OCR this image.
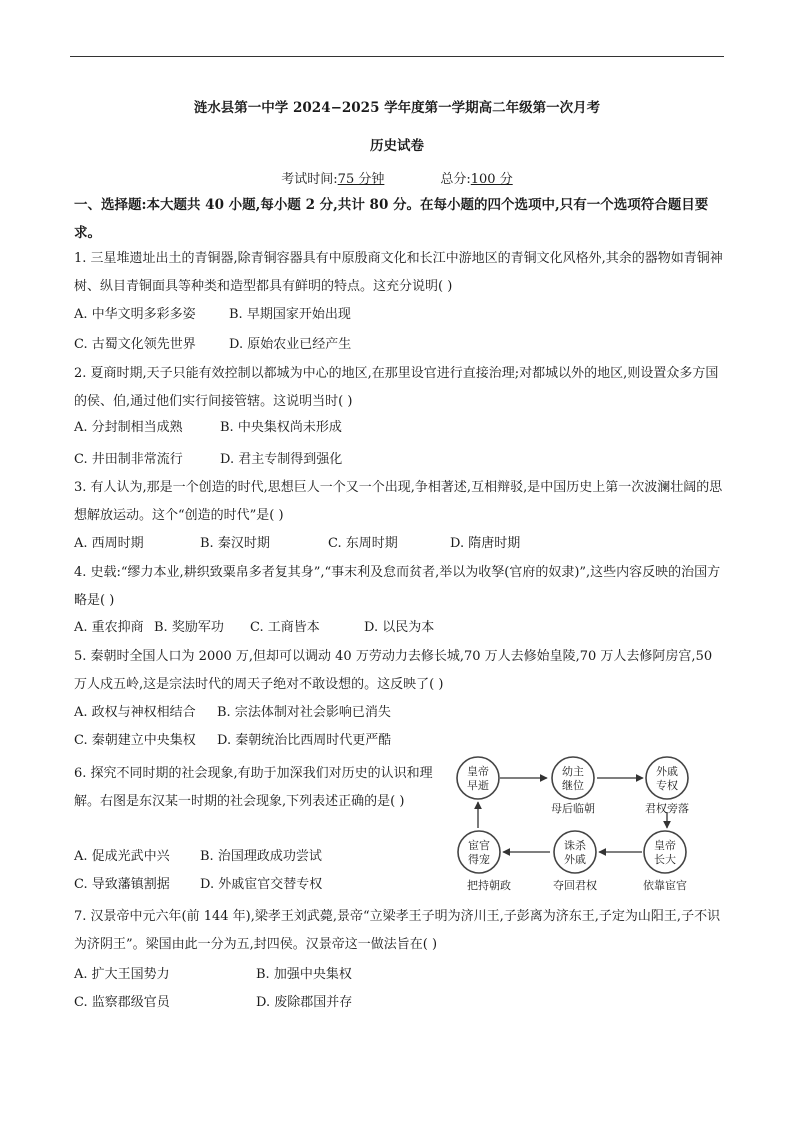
涟水县第一中学 2024−2025 学年度第一学期高二年级第一次月考
历史试卷
考试时间:75 分钟	总分:100 分
一、选择题:本大题共 40 小题,每小题 2 分,共计 80 分。在每小题的四个选项中,只有一个选项符合题目要求。
1. 三星堆遗址出土的青铜器,除青铜容器具有中原殷商文化和长江中游地区的青铜文化风格外,其余的器物如青铜神树、纵目青铜面具等种类和造型都具有鲜明的特点。这充分说明( )
A. 中华文明多彩多姿	B. 早期国家开始出现
C. 古蜀文化领先世界	D. 原始农业已经产生
2. 夏商时期,天子只能有效控制以都城为中心的地区,在那里设官进行直接治理;对都城以外的地区,则设置众多方国的侯、伯,通过他们实行间接管辖。这说明当时( )
A. 分封制相当成熟	B. 中央集权尚未形成
C. 井田制非常流行	D. 君主专制得到强化
3. 有人认为,那是一个创造的时代,思想巨人一个又一个出现,争相著述,互相辩驳,是中国历史上第一次波澜壮阔的思想解放运动。这个“创造的时代”是( )
A. 西周时期	B. 秦汉时期	C. 东周时期	D. 隋唐时期
4. 史载:“缪力本业,耕织致粟帛多者复其身”,“事末利及怠而贫者,举以为收孥(官府的奴隶)”,这些内容反映的治国方略是( )
A. 重农抑商 B. 奖励军功 C. 工商皆本	D. 以民为本
5. 秦朝时全国人口为 2000 万,但却可以调动 40 万劳动力去修长城,70 万人去修始皇陵,70 万人去修阿房宫,50 万人戍五岭,这是宗法时代的周天子绝对不敢设想的。这反映了( )
A. 政权与神权相结合 B. 宗法体制对社会影响已消失
C. 秦朝建立中央集权 D. 秦朝统治比西周时代更严酷
6. 探究不同时期的社会现象,有助于加深我们对历史的认识和理解。右图是东汉某一时期的社会现象,下列表述正确的是( )
A. 促成光武中兴 B. 治国理政成功尝试
C. 导致藩镇割据 D. 外戚宦官交替专权
皇帝
早逝
幼主
继位
母后临朝
外戚
专权
君权旁落
皇帝
长大
依靠宦官
诛杀
外戚
夺回君权
宦官
得宠
把持朝政
7. 汉景帝中元六年(前 144 年),梁孝王刘武薨,景帝“立梁孝王子明为济川王,子彭离为济东王,子定为山阳王,子不识为济阴王”。梁国由此一分为五,封四侯。汉景帝这一做法旨在( )
A. 扩大王国势力	B. 加强中央集权
C. 监察郡级官员	D. 废除郡国并存
